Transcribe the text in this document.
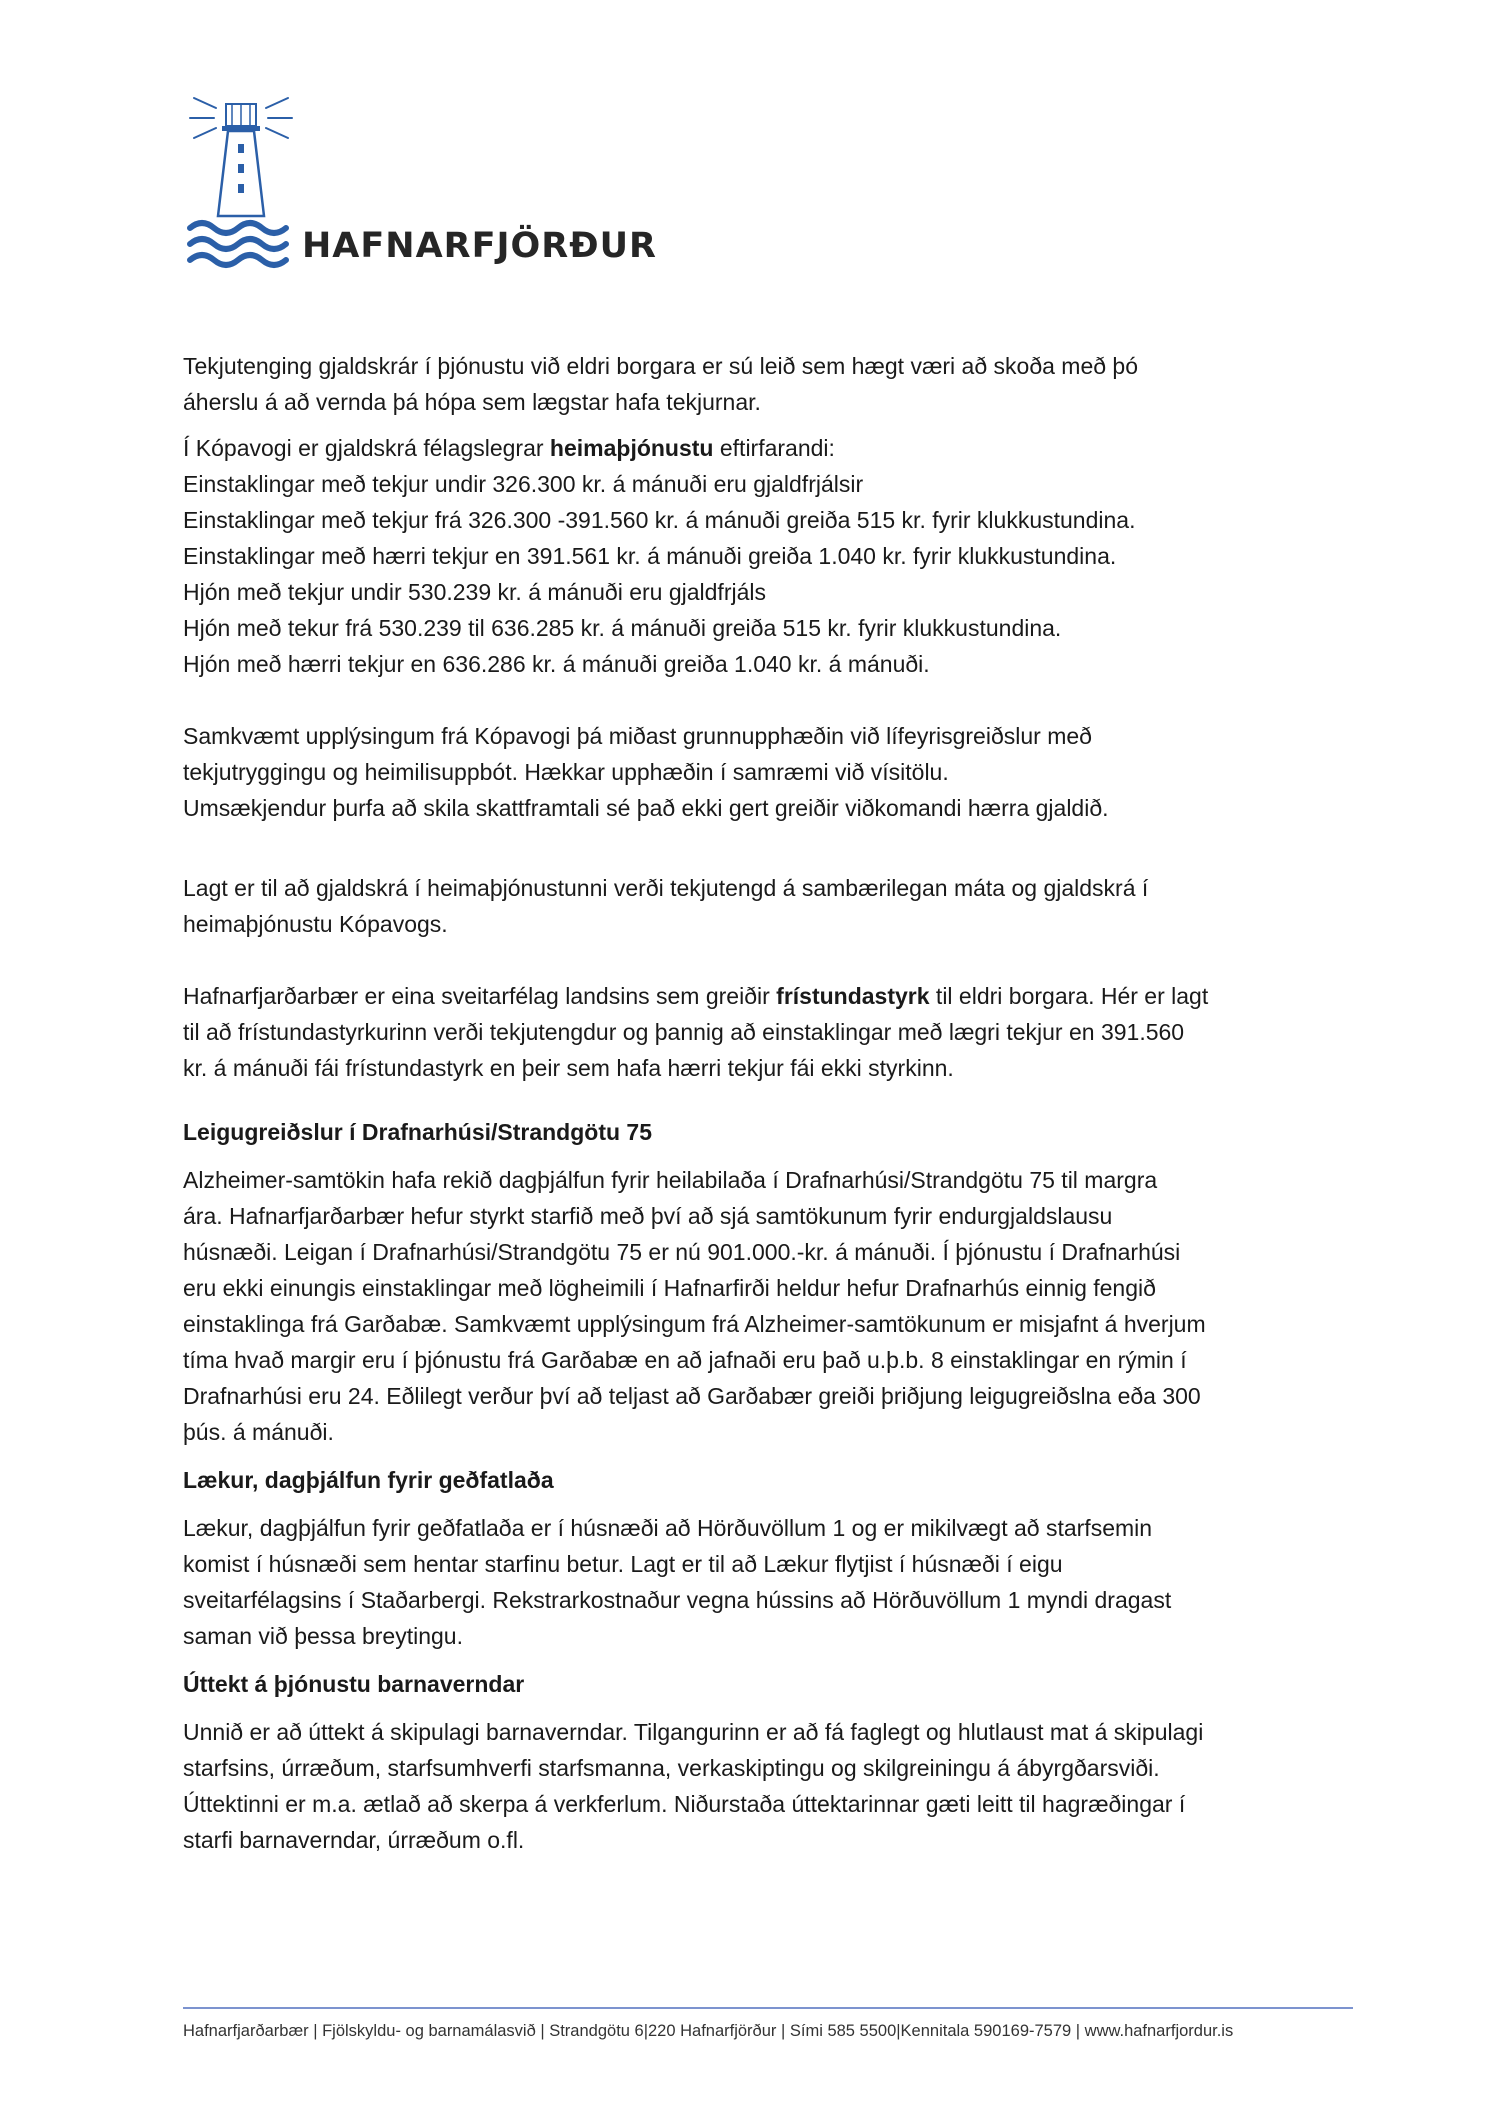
HAFNARFJÖRÐUR

Tekjutenging gjaldskrár í þjónustu við eldri borgara er sú leið sem hægt væri að skoða með þó
áherslu á að vernda þá hópa sem lægstar hafa tekjurnar.

Í Kópavogi er gjaldskrá félagslegrar heimaþjónustu eftirfarandi:
Einstaklingar með tekjur undir 326.300 kr. á mánuði eru gjaldfrjálsir
Einstaklingar með tekjur frá 326.300 -391.560 kr. á mánuði greiða 515 kr. fyrir klukkustundina.
Einstaklingar með hærri tekjur en 391.561 kr. á mánuði greiða 1.040 kr. fyrir klukkustundina.
Hjón með tekjur undir 530.239 kr. á mánuði eru gjaldfrjáls
Hjón með tekur frá 530.239 til 636.285 kr. á mánuði greiða 515 kr. fyrir klukkustundina.
Hjón með hærri tekjur en 636.286 kr. á mánuði greiða 1.040 kr. á mánuði.

Samkvæmt upplýsingum frá Kópavogi þá miðast grunnupphæðin við lífeyrisgreiðslur með
tekjutryggingu og heimilisuppbót. Hækkar upphæðin í samræmi við vísitölu.
Umsækjendur þurfa að skila skattframtali sé það ekki gert greiðir viðkomandi hærra gjaldið.

Lagt er til að gjaldskrá í heimaþjónustunni verði tekjutengd á sambærilegan máta og gjaldskrá í
heimaþjónustu Kópavogs.

Hafnarfjarðarbær er eina sveitarfélag landsins sem greiðir frístundastyrk til eldri borgara. Hér er lagt
til að frístundastyrkurinn verði tekjutengdur og þannig að einstaklingar með lægri tekjur en 391.560
kr. á mánuði fái frístundastyrk en þeir sem hafa hærri tekjur fái ekki styrkinn.

Leigugreiðslur í Drafnarhúsi/Strandgötu 75

Alzheimer-samtökin hafa rekið dagþjálfun fyrir heilabilaða í Drafnarhúsi/Strandgötu 75 til margra
ára. Hafnarfjarðarbær hefur styrkt starfið með því að sjá samtökunum fyrir endurgjaldslausu
húsnæði. Leigan í Drafnarhúsi/Strandgötu 75 er nú 901.000.-kr. á mánuði. Í þjónustu í Drafnarhúsi
eru ekki einungis einstaklingar með lögheimili í Hafnarfirði heldur hefur Drafnarhús einnig fengið
einstaklinga frá Garðabæ. Samkvæmt upplýsingum frá Alzheimer-samtökunum er misjafnt á hverjum
tíma hvað margir eru í þjónustu frá Garðabæ en að jafnaði eru það u.þ.b. 8 einstaklingar en rýmin í
Drafnarhúsi eru 24. Eðlilegt verður því að teljast að Garðabær greiði þriðjung leigugreiðslna eða 300
þús. á mánuði.

Lækur, dagþjálfun fyrir geðfatlaða

Lækur, dagþjálfun fyrir geðfatlaða er í húsnæði að Hörðuvöllum 1 og er mikilvægt að starfsemin
komist í húsnæði sem hentar starfinu betur. Lagt er til að Lækur flytjist í húsnæði í eigu
sveitarfélagsins í Staðarbergi. Rekstrarkostnaður vegna hússins að Hörðuvöllum 1 myndi dragast
saman við þessa breytingu.

Úttekt á þjónustu barnaverndar

Unnið er að úttekt á skipulagi barnaverndar. Tilgangurinn er að fá faglegt og hlutlaust mat á skipulagi
starfsins, úrræðum, starfsumhverfi starfsmanna, verkaskiptingu og skilgreiningu á ábyrgðarsviði.
Úttektinni er m.a. ætlað að skerpa á verkferlum. Niðurstaða úttektarinnar gæti leitt til hagræðingar í
starfi barnaverndar, úrræðum o.fl.

Hafnarfjarðarbær | Fjölskyldu- og barnamálasvið | Strandgötu 6|220 Hafnarfjörður | Sími 585 5500|Kennitala 590169-7579 | www.hafnarfjordur.is
